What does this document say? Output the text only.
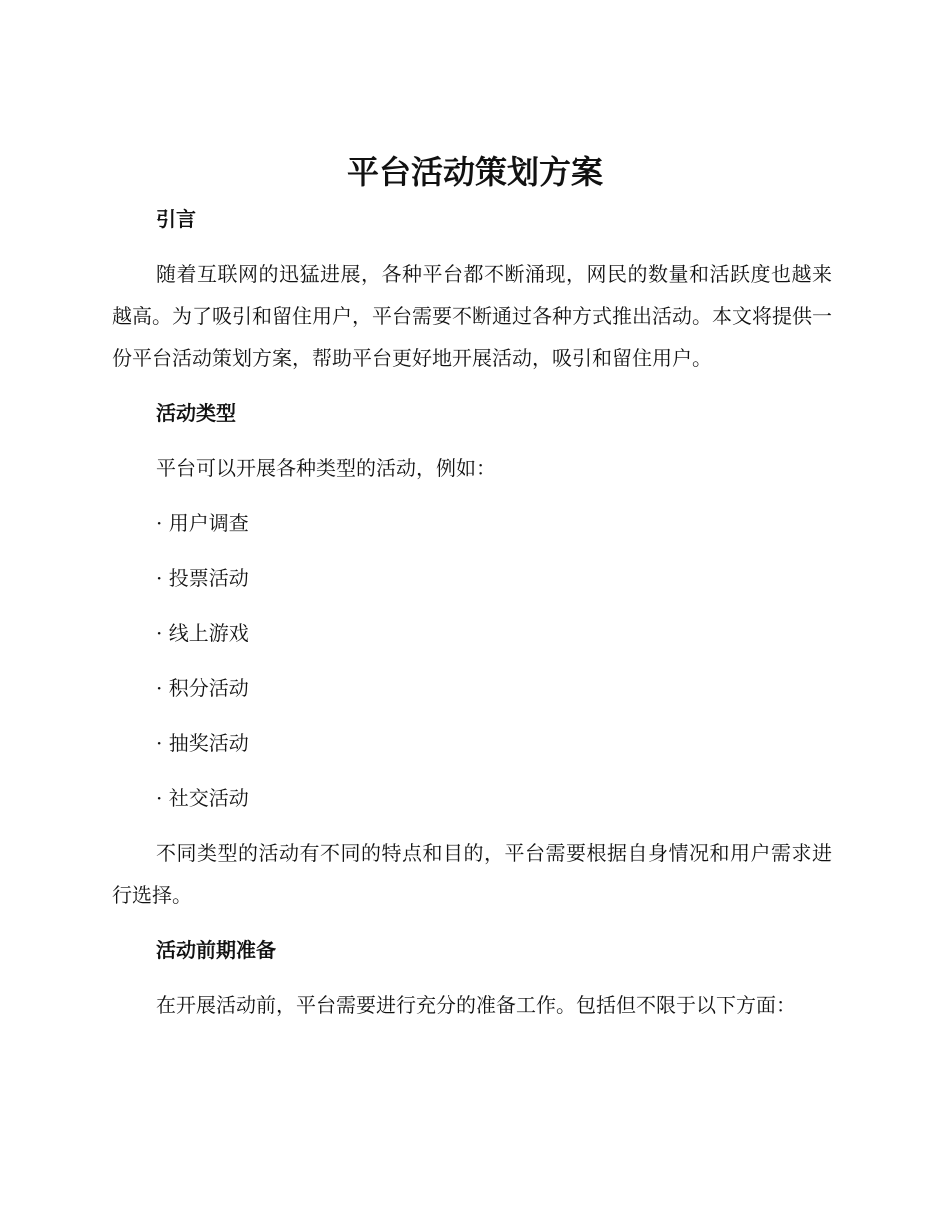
平台活动策划方案

引言

随着互联网的迅猛进展，各种平台都不断涌现，网民的数量和活跃度也越来越高。为了吸引和留住用户，平台需要不断通过各种方式推出活动。本文将提供一份平台活动策划方案，帮助平台更好地开展活动，吸引和留住用户。

活动类型

平台可以开展各种类型的活动，例如：

· 用户调查

· 投票活动

· 线上游戏

· 积分活动

· 抽奖活动

· 社交活动

不同类型的活动有不同的特点和目的，平台需要根据自身情况和用户需求进行选择。

活动前期准备

在开展活动前，平台需要进行充分的准备工作。包括但不限于以下方面：
